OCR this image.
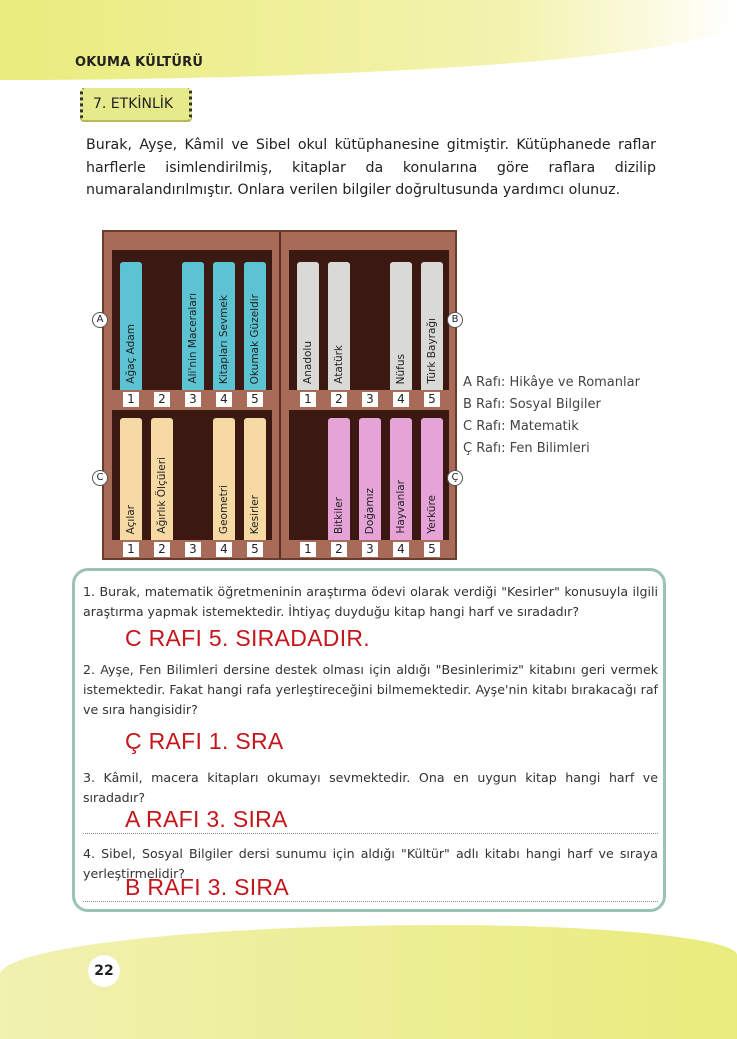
OKUMA KÜLTÜRÜ
7. ETKİNLİK
Burak, Ayşe, Kâmil ve Sibel okul kütüphanesine gitmiştir. Kütüphanede raflar harflerle isimlendirilmiş, kitaplar da konularına göre raflara dizilip numaralandırılmıştır. Onlara verilen bilgiler doğrultusunda yardımcı olunuz.
Ağaç Adam
1	2
Ali'nin Maceraları
3
Kitapları Sevmek
4
Okumak Güzeldir
5
A
Anadolu
1
Atatürk
2	3
Nüfus
4
Türk Bayrağı
5
B
Açılar
1
Ağırlık Ölçüleri
2	3
Geometri
4
Kesirler
5
C
1
Bitkiler
2
Doğamız
3
Hayvanlar
4
Yerküre
5
Ç
A Rafı: Hikâye ve Romanlar
B Rafı: Sosyal Bilgiler
C Rafı: Matematik
Ç Rafı: Fen Bilimleri
1. Burak, matematik öğretmeninin araştırma ödevi olarak verdiği "Kesirler" konusuyla ilgili araştırma yapmak istemektedir. İhtiyaç duyduğu kitap hangi harf ve sıradadır?
C RAFI 5. SIRADADIR.
2. Ayşe, Fen Bilimleri dersine destek olması için aldığı "Besinlerimiz" kitabını geri vermek istemektedir. Fakat hangi rafa yerleştireceğini bilmemektedir. Ayşe'nin kitabı bırakacağı raf ve sıra hangisidir?
Ç RAFI 1. SRA
3. Kâmil, macera kitapları okumayı sevmektedir. Ona en uygun kitap hangi harf ve sıradadır?
A RAFI 3. SIRA
4. Sibel, Sosyal Bilgiler dersi sunumu için aldığı "Kültür" adlı kitabı hangi harf ve sıraya yerleştirmelidir?
B RAFI 3. SIRA
22
